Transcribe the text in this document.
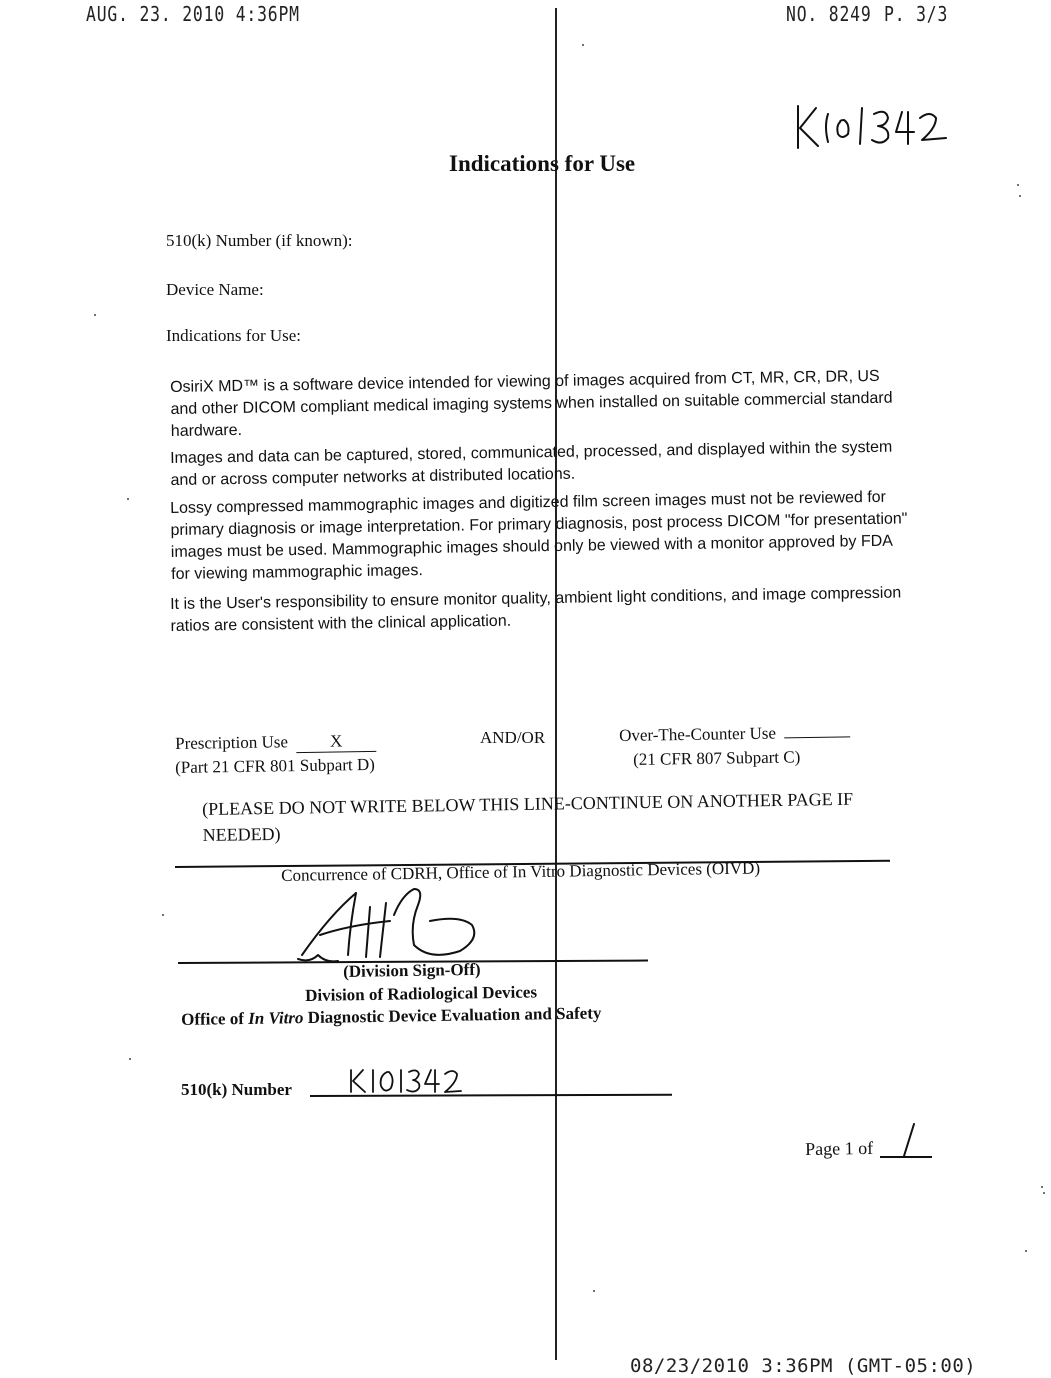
AUG. 23. 2010 4:36PM	NO. 8249 P. 3/3
Indications for Use
510(k) Number (if known):
Device Name:
Indications for Use:
OsiriX MD™ is a software device intended for viewing of images acquired from CT, MR, CR, DR, US and other DICOM compliant medical imaging systems when installed on suitable commercial standard hardware.
Images and data can be captured, stored, communicated, processed, and displayed within the system and or across computer networks at distributed locations.
Lossy compressed mammographic images and digitized film screen images must not be reviewed for primary diagnosis or image interpretation. For primary diagnosis, post process DICOM "for presentation" images must be used. Mammographic images should only be viewed with a monitor approved by FDA for viewing mammographic images.
It is the User's responsibility to ensure monitor quality, ambient light conditions, and image compression ratios are consistent with the clinical application.
Prescription Use X
(Part 21 CFR 801 Subpart D)
AND/OR	Over-The-Counter Use
(21 CFR 807 Subpart C)
(PLEASE DO NOT WRITE BELOW THIS LINE-CONTINUE ON ANOTHER PAGE IF NEEDED)
Concurrence of CDRH, Office of In Vitro Diagnostic Devices (OIVD)
(Division Sign-Off)
Division of Radiological Devices
Office of In Vitro Diagnostic Device Evaluation and Safety
510(k) Number
Page 1 of
08/23/2010 3:36PM (GMT-05:00)
